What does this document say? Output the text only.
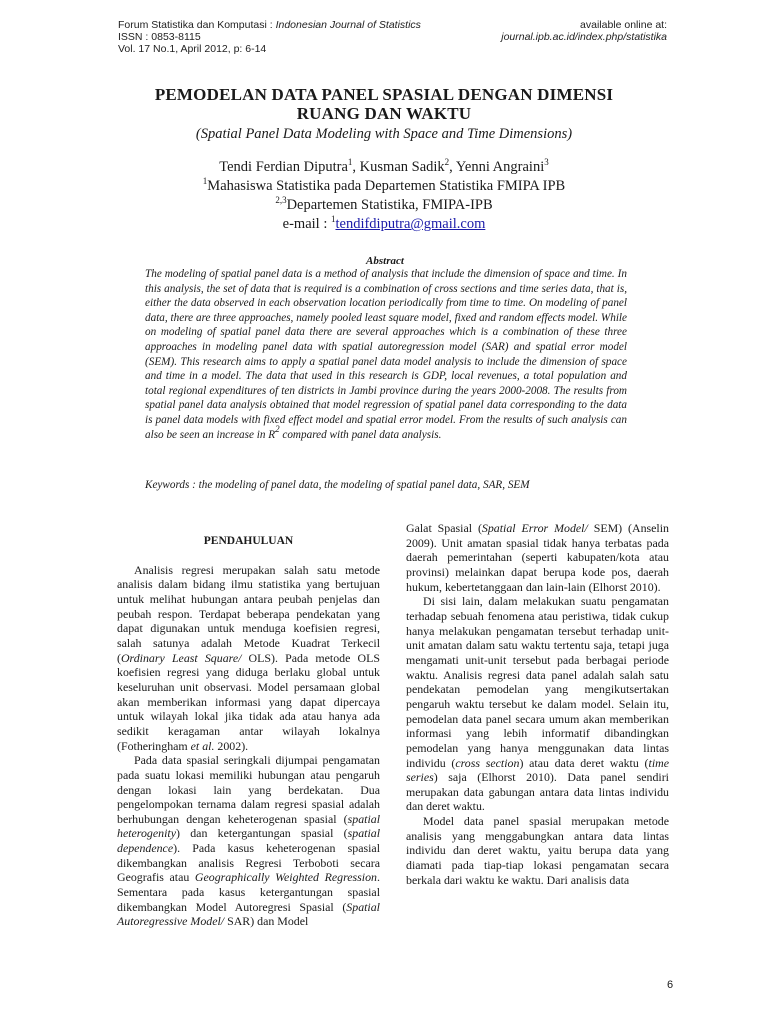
Forum Statistika dan Komputasi : Indonesian Journal of Statistics
ISSN : 0853-8115
Vol. 17 No.1, April 2012, p: 6-14
available online at:
journal.ipb.ac.id/index.php/statistika

PEMODELAN DATA PANEL SPASIAL DENGAN DIMENSI
RUANG DAN WAKTU

(Spatial Panel Data Modeling with Space and Time Dimensions)

Tendi Ferdian Diputra$^1$, Kusman Sadik$^2$, Yenni Angraini$^3$
$^1$Mahasiswa Statistika pada Departemen Statistika FMIPA IPB
$^{2,3}$Departemen Statistika, FMIPA-IPB
e-mail : $^1$tendifdiputra@gmail.com
Abstract

The modeling of spatial panel data is a method of analysis that include the dimension of space and time. In this analysis, the set of data that is required is a combination of cross sections and time series data, that is, either the data observed in each observation location periodically from time to time. On modeling of panel data, there are three approaches, namely pooled least square model, fixed and random effects model. While on modeling of spatial panel data there are several approaches which is a combination of these three approaches in modeling panel data with spatial autoregression model (SAR) and spatial error model (SEM). This research aims to apply a spatial panel data model analysis to include the dimension of space and time in a model. The data that used in this research is GDP, local revenues, a total population and total regional expenditures of ten districts in Jambi province during the years 2000-2008. The results from spatial panel data analysis obtained that model regression of spatial panel data corresponding to the data is panel data models with fixed effect model and spatial error model. From the results of such analysis can also be seen an increase in $R^2$ compared with panel data analysis.

Keywords : the modeling of panel data, the modeling of spatial panel data, SAR, SEM

PENDAHULUAN

Analisis regresi merupakan salah satu metode analisis dalam bidang ilmu statistika yang bertujuan untuk melihat hubungan antara peubah penjelas dan peubah respon. Terdapat beberapa pendekatan yang dapat digunakan untuk menduga koefisien regresi, salah satunya adalah Metode Kuadrat Terkecil (Ordinary Least Square/ OLS). Pada metode OLS koefisien regresi yang diduga berlaku global untuk keseluruhan unit observasi. Model persamaan global akan memberikan informasi yang dapat dipercaya untuk wilayah lokal jika tidak ada atau hanya ada sedikit keragaman antar wilayah lokalnya (Fotheringham et al. 2002).

Pada data spasial seringkali dijumpai pengamatan pada suatu lokasi memiliki hubungan atau pengaruh dengan lokasi lain yang berdekatan. Dua pengelompokan ternama dalam regresi spasial adalah berhubungan dengan keheterogenan spasial (spatial heterogenity) dan ketergantungan spasial (spatial dependence). Pada kasus keheterogenan spasial dikembangkan analisis Regresi Terboboti secara Geografis atau Geographically Weighted Regression. Sementara pada kasus ketergantungan spasial dikembangkan Model Autoregresi Spasial (Spatial Autoregressive Model/ SAR) dan Model

Galat Spasial (Spatial Error Model/ SEM) (Anselin 2009). Unit amatan spasial tidak hanya terbatas pada daerah pemerintahan (seperti kabupaten/kota atau provinsi) melainkan dapat berupa kode pos, daerah hukum, kebertetanggaan dan lain-lain (Elhorst 2010).

Di sisi lain, dalam melakukan suatu pengamatan terhadap sebuah fenomena atau peristiwa, tidak cukup hanya melakukan pengamatan tersebut terhadap unit-unit amatan dalam satu waktu tertentu saja, tetapi juga mengamati unit-unit tersebut pada berbagai periode waktu. Analisis regresi data panel adalah salah satu pendekatan pemodelan yang mengikutsertakan pengaruh waktu tersebut ke dalam model. Selain itu, pemodelan data panel secara umum akan memberikan informasi yang lebih informatif dibandingkan pemodelan yang hanya menggunakan data lintas individu (cross section) atau data deret waktu (time series) saja (Elhorst 2010). Data panel sendiri merupakan data gabungan antara data lintas individu dan deret waktu.

Model data panel spasial merupakan metode analisis yang menggabungkan antara data lintas individu dan deret waktu, yaitu berupa data yang diamati pada tiap-tiap lokasi pengamatan secara berkala dari waktu ke waktu. Dari analisis data

6
